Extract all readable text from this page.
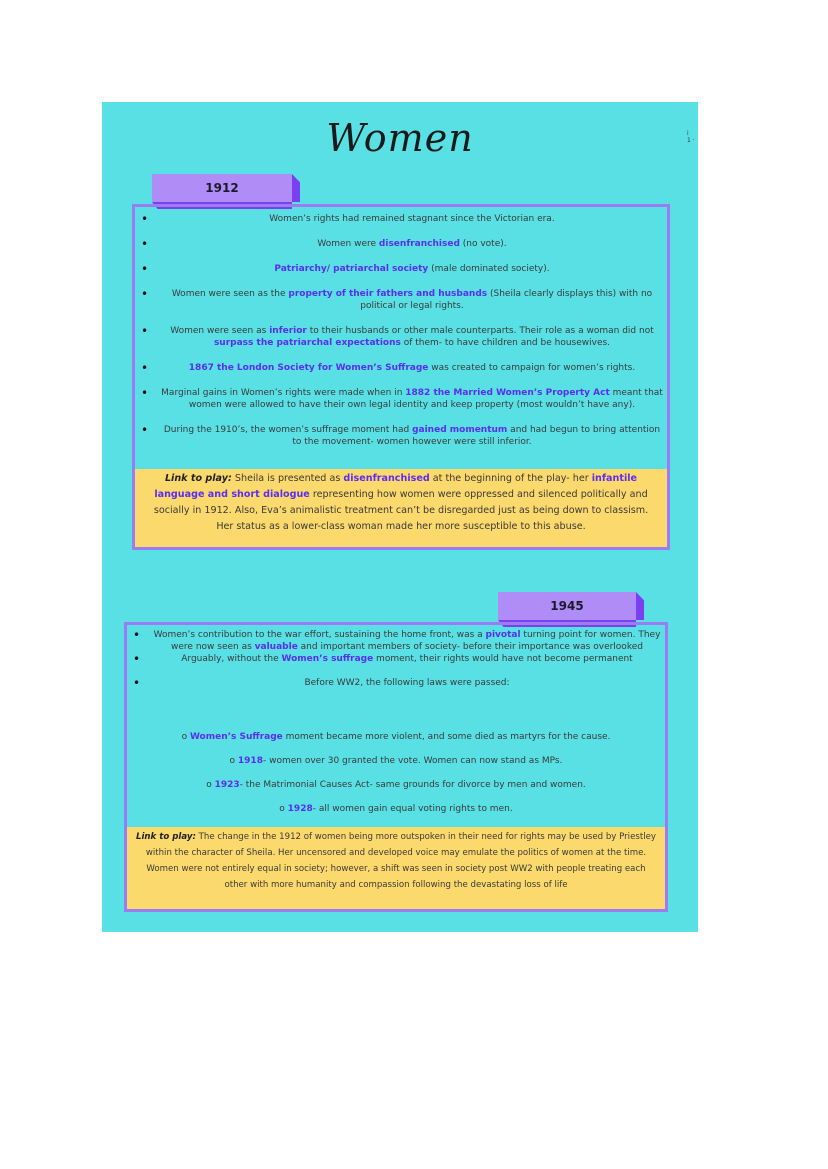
Women
1912
• Women’s rights had remained stagnant since the Victorian era.
• Women were disenfranchised (no vote).
• Patriarchy/ patriarchal society (male dominated society).
• Women were seen as the property of their fathers and husbands (Sheila clearly displays this) with no political or legal rights.
• Women were seen as inferior to their husbands or other male counterparts. Their role as a woman did not surpass the patriarchal expectations of them- to have children and be housewives.
• 1867 the London Society for Women’s Suffrage was created to campaign for women’s rights.
• Marginal gains in Women’s rights were made when in 1882 the Married Women’s Property Act meant that women were allowed to have their own legal identity and keep property (most wouldn’t have any).
• During the 1910’s, the women’s suffrage moment had gained momentum and had begun to bring attention to the movement- women however were still inferior.
Link to play: Sheila is presented as disenfranchised at the beginning of the play- her infantile language and short dialogue representing how women were oppressed and silenced politically and socially in 1912. Also, Eva’s animalistic treatment can’t be disregarded just as being down to classism. Her status as a lower-class woman made her more susceptible to this abuse.
1945
• Women’s contribution to the war effort, sustaining the home front, was a pivotal turning point for women. They were now seen as valuable and important members of society- before their importance was overlooked
• Arguably, without the Women’s suffrage moment, their rights would have not become permanent
• Before WW2, the following laws were passed:
o Women’s Suffrage moment became more violent, and some died as martyrs for the cause.
o 1918- women over 30 granted the vote. Women can now stand as MPs.
o 1923- the Matrimonial Causes Act- same grounds for divorce by men and women.
o 1928- all women gain equal voting rights to men.
Link to play: The change in the 1912 of women being more outspoken in their need for rights may be used by Priestley within the character of Sheila. Her uncensored and developed voice may emulate the politics of women at the time. Women were not entirely equal in society; however, a shift was seen in society post WW2 with people treating each other with more humanity and compassion following the devastating loss of life
i
1 ·
